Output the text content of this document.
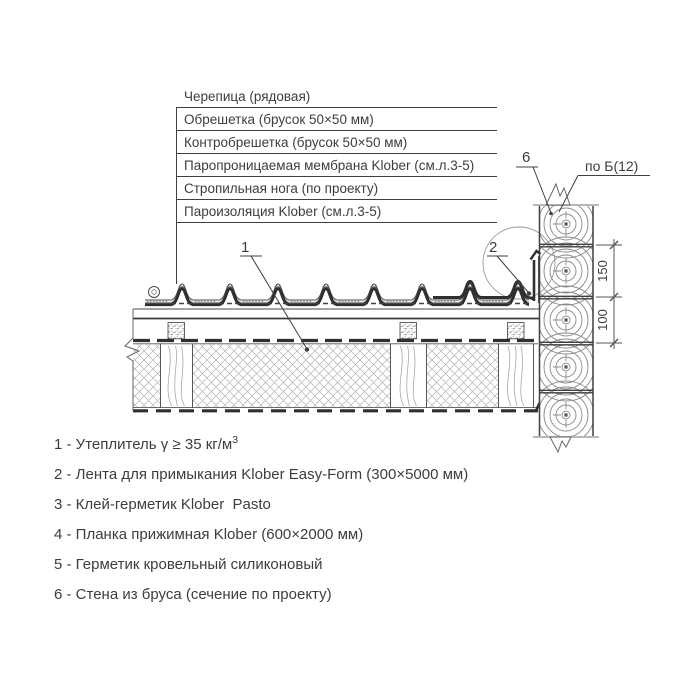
Черепица (рядовая)
Обрешетка (брусок 50×50 мм)
Контробрешетка (брусок 50×50 мм)
Паропроницаемая мембрана Klober (см.л.3-5)
Стропильная нога (по проекту)
Пароизоляция Klober (см.л.3-5)
1	2
6	по Б(12)
150
100
1 - Утеплитель γ ≥ 35 $кг/м^3$
2 - Лента для примыкания Klober Easy-Form (300×5000 мм)
3 - Клей-герметик Klober  Pasto
4 - Планка прижимная Klober (600×2000 мм)
5 - Герметик кровельный силиконовый
6 - Стена из бруса (сечение по проекту)
